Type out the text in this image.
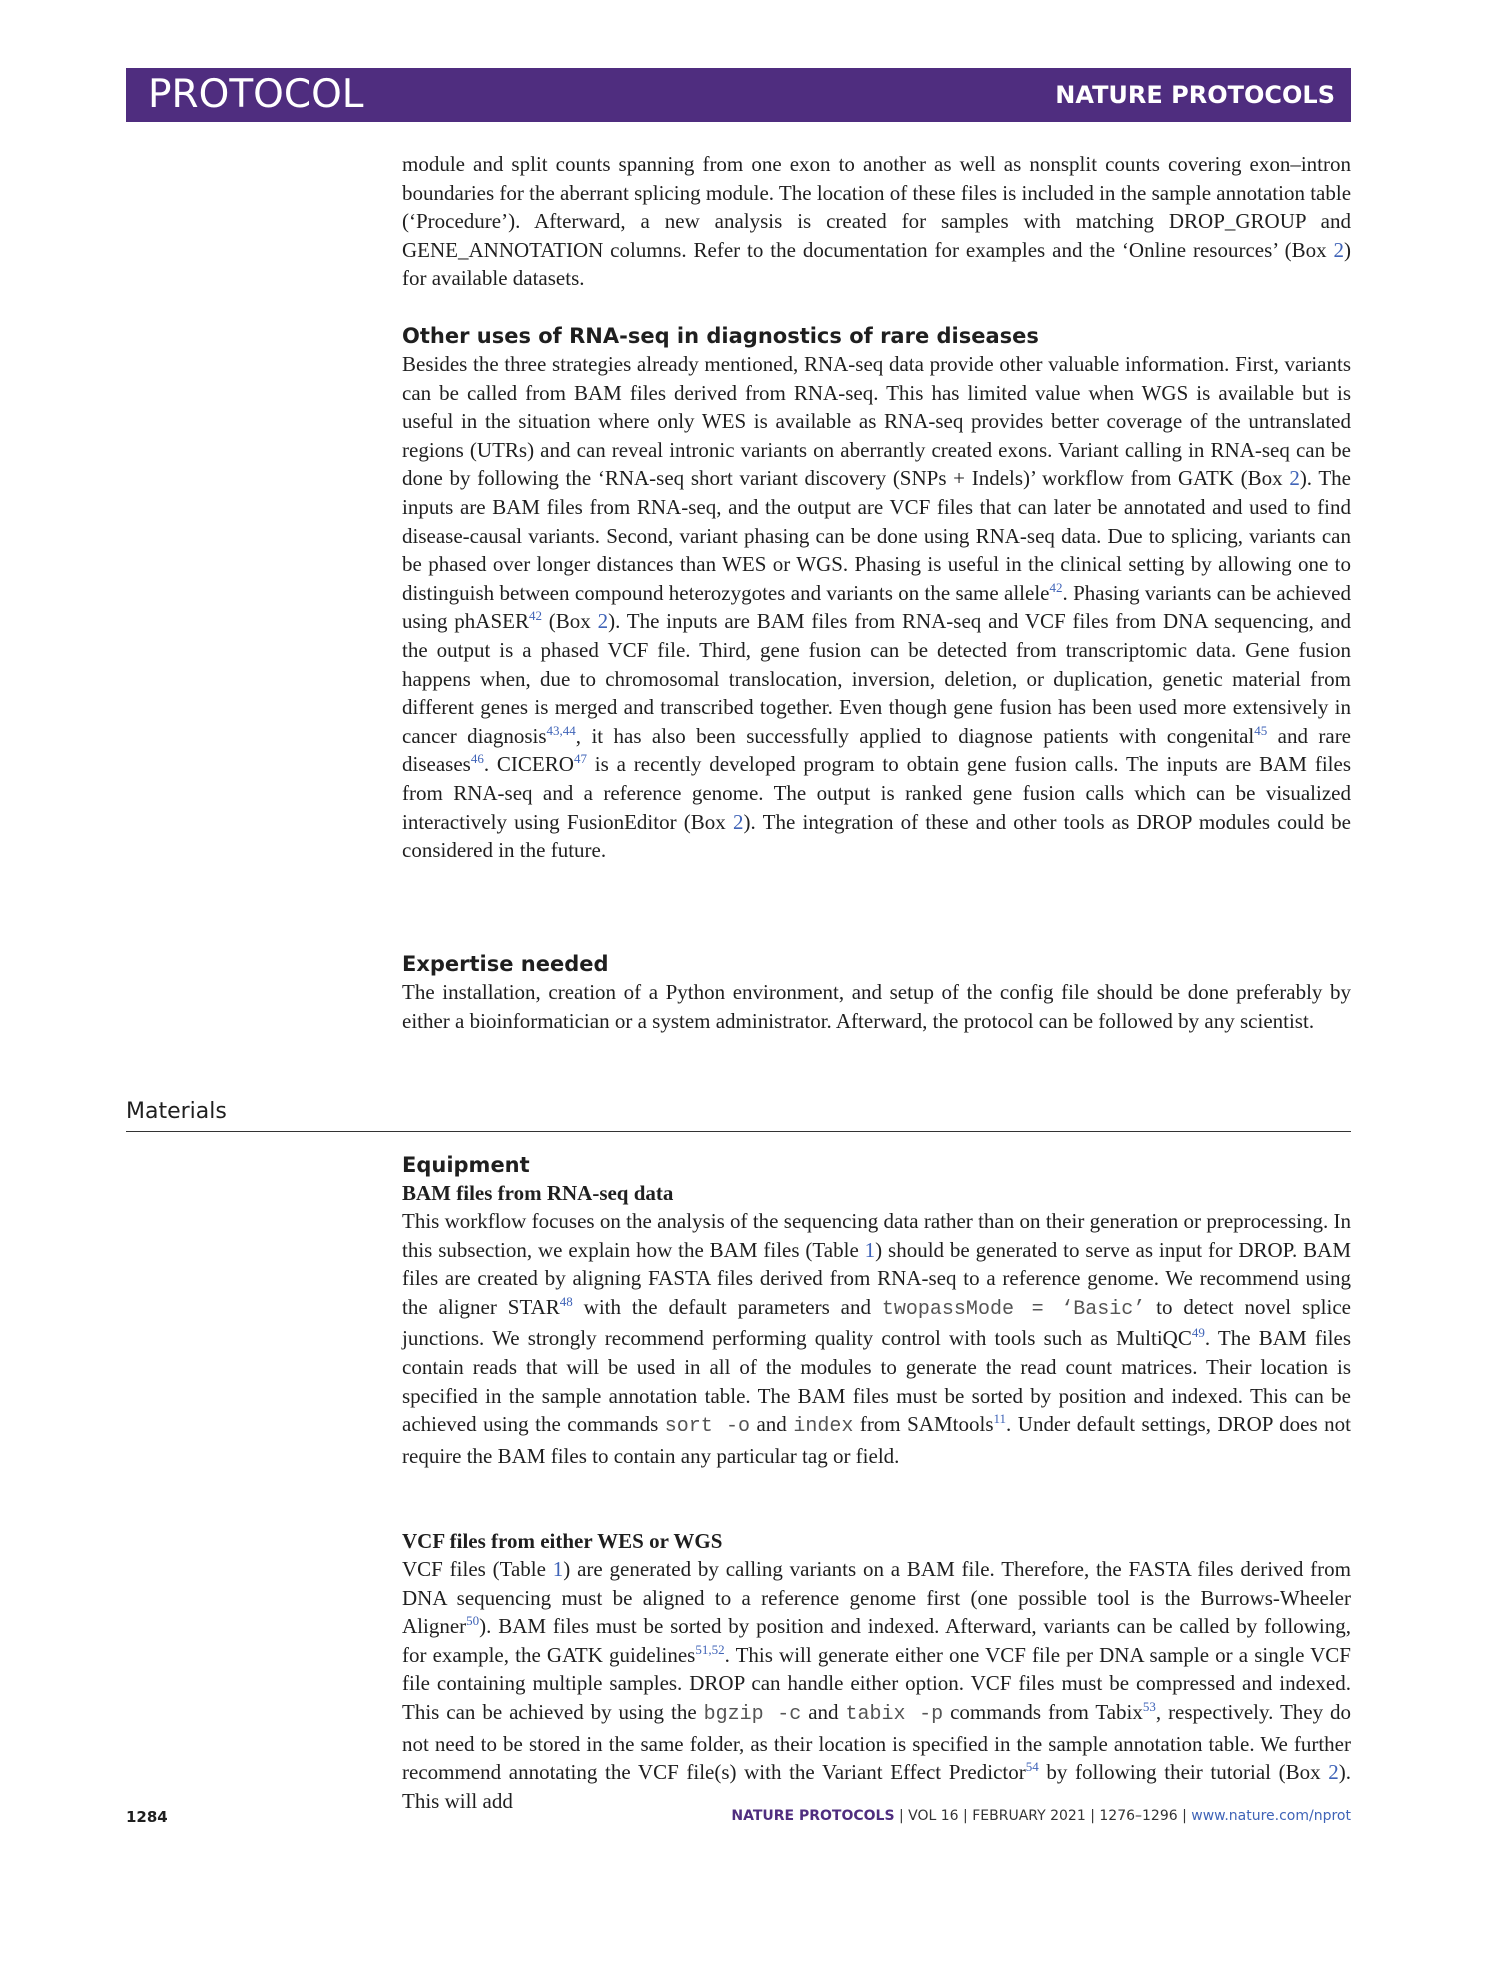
PROTOCOL	NATURE PROTOCOLS

module and split counts spanning from one exon to another as well as nonsplit counts covering exon–intron boundaries for the aberrant splicing module. The location of these files is included in the sample annotation table (‘Procedure’). Afterward, a new analysis is created for samples with matching DROP_GROUP and GENE_ANNOTATION columns. Refer to the documentation for examples and the ‘Online resources’ (Box 2) for available datasets.

Other uses of RNA-seq in diagnostics of rare diseases

Besides the three strategies already mentioned, RNA-seq data provide other valuable information. First, variants can be called from BAM files derived from RNA-seq. This has limited value when WGS is available but is useful in the situation where only WES is available as RNA-seq provides better coverage of the untranslated regions (UTRs) and can reveal intronic variants on aberrantly created exons. Variant calling in RNA-seq can be done by following the ‘RNA-seq short variant discovery (SNPs + Indels)’ workflow from GATK (Box 2). The inputs are BAM files from RNA-seq, and the output are VCF files that can later be annotated and used to find disease-causal variants. Second, variant phasing can be done using RNA-seq data. Due to splicing, variants can be phased over longer distances than WES or WGS. Phasing is useful in the clinical setting by allowing one to distinguish between compound heterozygotes and variants on the same allele$^{42}$. Phasing variants can be achieved using phASER$^{42}$ (Box 2). The inputs are BAM files from RNA-seq and VCF files from DNA sequencing, and the output is a phased VCF file. Third, gene fusion can be detected from transcriptomic data. Gene fusion happens when, due to chromosomal translocation, inversion, deletion, or duplication, genetic material from different genes is merged and transcribed together. Even though gene fusion has been used more extensively in cancer diagnosis$^{43,44}$, it has also been successfully applied to diagnose patients with congenital$^{45}$ and rare diseases$^{46}$. CICERO$^{47}$ is a recently developed program to obtain gene fusion calls. The inputs are BAM files from RNA-seq and a reference genome. The output is ranked gene fusion calls which can be visualized interactively using FusionEditor (Box 2). The integration of these and other tools as DROP modules could be considered in the future.

Expertise needed

The installation, creation of a Python environment, and setup of the config file should be done preferably by either a bioinformatician or a system administrator. Afterward, the protocol can be followed by any scientist.

Materials
Equipment
BAM files from RNA-seq data

This workflow focuses on the analysis of the sequencing data rather than on their generation or preprocessing. In this subsection, we explain how the BAM files (Table 1) should be generated to serve as input for DROP. BAM files are created by aligning FASTA files derived from RNA-seq to a reference genome. We recommend using the aligner STAR$^{48}$ with the default parameters and twopassMode = ‘Basic’ to detect novel splice junctions. We strongly recommend performing quality control with tools such as MultiQC$^{49}$. The BAM files contain reads that will be used in all of the modules to generate the read count matrices. Their location is specified in the sample annotation table. The BAM files must be sorted by position and indexed. This can be achieved using the commands sort -o and index from SAMtools$^{11}$. Under default settings, DROP does not require the BAM files to contain any particular tag or field.

VCF files from either WES or WGS

VCF files (Table 1) are generated by calling variants on a BAM file. Therefore, the FASTA files derived from DNA sequencing must be aligned to a reference genome first (one possible tool is the Burrows-Wheeler Aligner$^{50}$). BAM files must be sorted by position and indexed. Afterward, variants can be called by following, for example, the GATK guidelines$^{51,52}$. This will generate either one VCF file per DNA sample or a single VCF file containing multiple samples. DROP can handle either option. VCF files must be compressed and indexed. This can be achieved by using the bgzip -c and tabix -p commands from Tabix$^{53}$, respectively. They do not need to be stored in the same folder, as their location is specified in the sample annotation table. We further recommend annotating the VCF file(s) with the Variant Effect Predictor$^{54}$ by following their tutorial (Box 2). This will add

1284	NATURE PROTOCOLS | VOL 16 | FEBRUARY 2021 | 1276–1296 | www.nature.com/nprot
